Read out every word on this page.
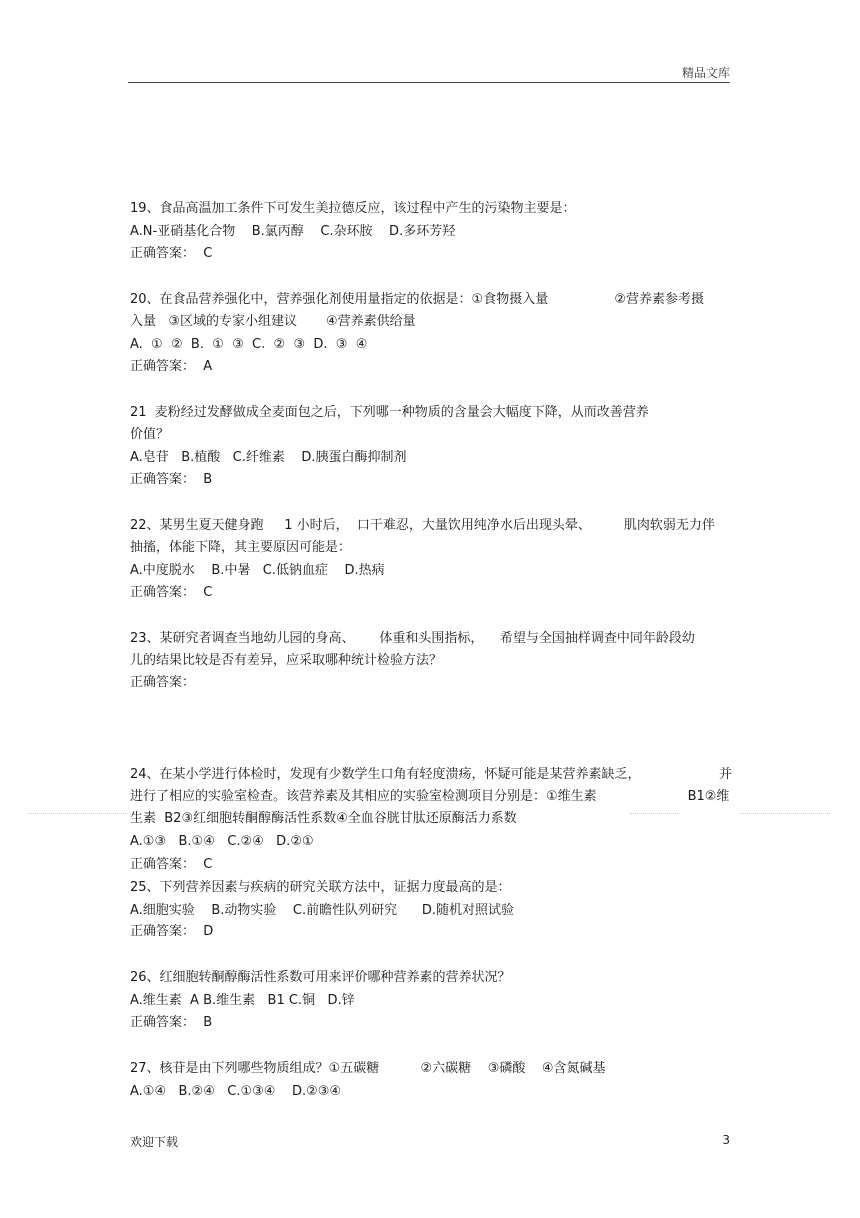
精品文库
19、食品高温加工条件下可发生美拉德反应，该过程中产生的污染物主要是：
A.N-亚硝基化合物    B.氯丙醇    C.杂环胺    D.多环芳羟
正确答案：  C
20、在食品营养强化中，营养强化剂使用量指定的依据是：①食物摄入量                ②营养素参考摄
入量   ③区域的专家小组建议       ④营养素供给量
A.  ①  ②  B.  ①  ③  C.  ②  ③  D.  ③  ④
正确答案：  A
21  麦粉经过发酵做成全麦面包之后，下列哪一种物质的含量会大幅度下降，从而改善营养
价值？
A.皂苷   B.植酸   C.纤维素    D.胰蛋白酶抑制剂
正确答案：  B
22、某男生夏天健身跑     1 小时后，  口干难忍，大量饮用纯净水后出现头晕、        肌肉软弱无力伴
抽搐，体能下降，其主要原因可能是：
A.中度脱水    B.中暑   C.低钠血症    D.热病
正确答案：  C
23、某研究者调查当地幼儿园的身高、      体重和头围指标，    希望与全国抽样调查中同年龄段幼
儿的结果比较是否有差异，应采取哪种统计检验方法？
正确答案：
24、在某小学进行体检时，发现有少数学生口角有轻度溃疡，怀疑可能是某营养素缺乏，                   并
进行了相应的实验室检查。该营养素及其相应的实验室检测项目分别是：①维生素                      B1②维
生素  B2③红细胞转酮醇酶活性系数④全血谷胱甘肽还原酶活力系数
A.①③   B.①④   C.②④   D.②①
正确答案：  C
25、下列营养因素与疾病的研究关联方法中，证据力度最高的是：
A.细胞实验    B.动物实验    C.前瞻性队列研究      D.随机对照试验
正确答案：  D
26、红细胞转酮醇酶活性系数可用来评价哪种营养素的营养状况？
A.维生素  A B.维生素   B1 C.铜   D.锌
正确答案：  B
27、核苷是由下列哪些物质组成？①五碳糖          ②六碳糖    ③磷酸    ④含氮碱基
A.①④   B.②④   C.①③④    D.②③④
欢迎下载	3
